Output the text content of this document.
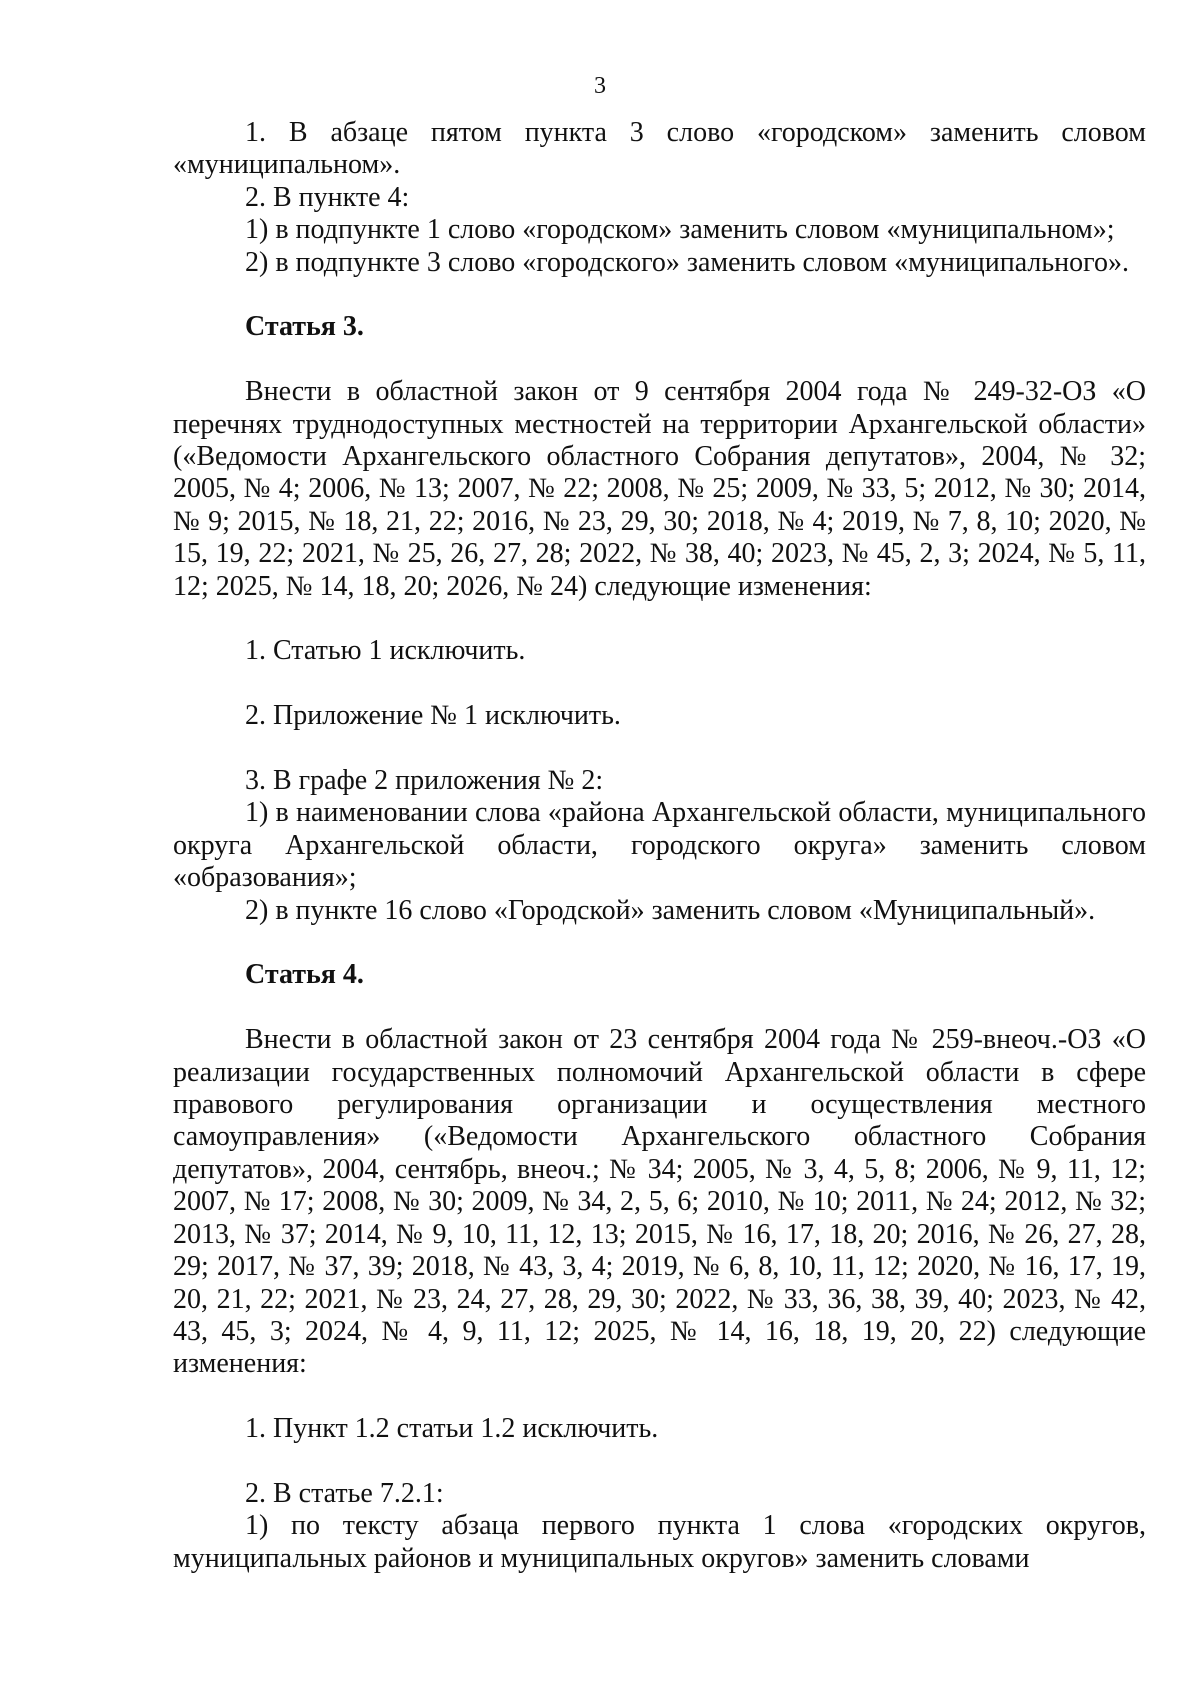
3

1. В абзаце пятом пункта 3 слово «городском» заменить словом «муниципальном».

2. В пункте 4:

1) в подпункте 1 слово «городском» заменить словом «муниципальном»;

2) в подпункте 3 слово «городского» заменить словом «муниципального».

Статья 3.

Внести в областной закон от 9 сентября 2004 года № 249-32-ОЗ «О перечнях труднодоступных местностей на территории Архангельской области» («Ведомости Архангельского областного Собрания депутатов», 2004, № 32; 2005, № 4; 2006, № 13; 2007, № 22; 2008, № 25; 2009, № 33, 5; 2012, № 30; 2014, № 9; 2015, № 18, 21, 22; 2016, № 23, 29, 30; 2018, № 4; 2019, № 7, 8, 10; 2020, № 15, 19, 22; 2021, № 25, 26, 27, 28; 2022, № 38, 40; 2023, № 45, 2, 3; 2024, № 5, 11, 12; 2025, № 14, 18, 20; 2026, № 24) следующие изменения:

1. Статью 1 исключить.

2. Приложение № 1 исключить.

3. В графе 2 приложения № 2:

1) в наименовании слова «района Архангельской области, муниципального округа Архангельской области, городского округа» заменить словом «образования»;

2) в пункте 16 слово «Городской» заменить словом «Муниципальный».

Статья 4.

Внести в областной закон от 23 сентября 2004 года № 259-внеоч.-ОЗ «О реализации государственных полномочий Архангельской области в сфере правового регулирования организации и осуществления местного самоуправления» («Ведомости Архангельского областного Собрания депутатов», 2004, сентябрь, внеоч.; № 34; 2005, № 3, 4, 5, 8; 2006, № 9, 11, 12; 2007, № 17; 2008, № 30; 2009, № 34, 2, 5, 6; 2010, № 10; 2011, № 24; 2012, № 32; 2013, № 37; 2014, № 9, 10, 11, 12, 13; 2015, № 16, 17, 18, 20; 2016, № 26, 27, 28, 29; 2017, № 37, 39; 2018, № 43, 3, 4; 2019, № 6, 8, 10, 11, 12; 2020, № 16, 17, 19, 20, 21, 22; 2021, № 23, 24, 27, 28, 29, 30; 2022, № 33, 36, 38, 39, 40; 2023, № 42, 43, 45, 3; 2024, № 4, 9, 11, 12; 2025, № 14, 16, 18, 19, 20, 22) следующие изменения:

1. Пункт 1.2 статьи 1.2 исключить.

2. В статье 7.2.1:

1) по тексту абзаца первого пункта 1 слова «городских округов, муниципальных районов и муниципальных округов» заменить словами
